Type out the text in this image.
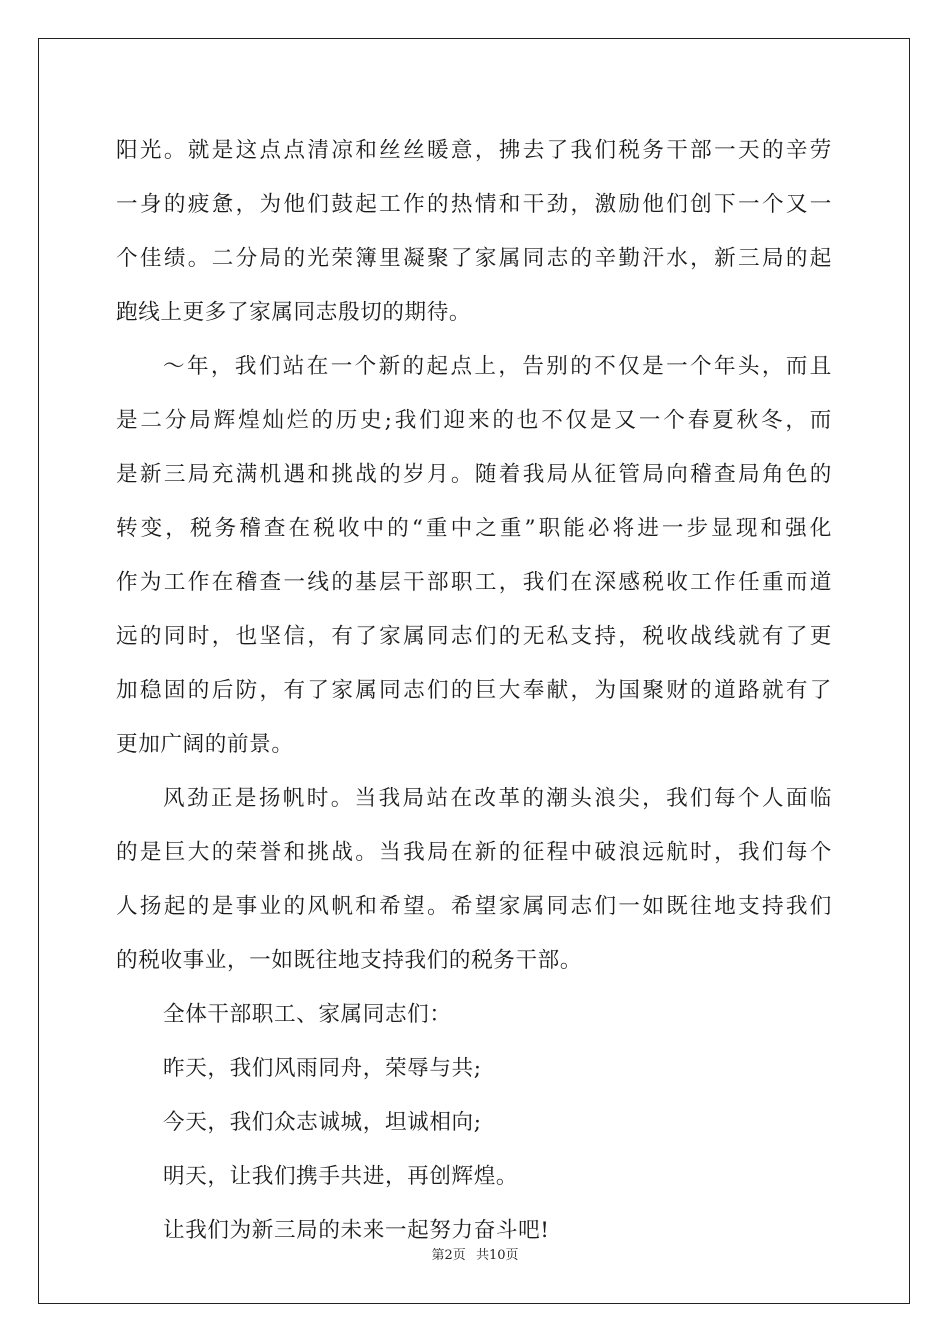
阳光。就是这点点清凉和丝丝暖意，拂去了我们税务干部一天的辛劳
一身的疲惫，为他们鼓起工作的热情和干劲，激励他们创下一个又一
个佳绩。二分局的光荣簿里凝聚了家属同志的辛勤汗水，新三局的起
跑线上更多了家属同志殷切的期待。
～年，我们站在一个新的起点上，告别的不仅是一个年头，而且
是二分局辉煌灿烂的历史;我们迎来的也不仅是又一个春夏秋冬，而
是新三局充满机遇和挑战的岁月。随着我局从征管局向稽查局角色的
转变，税务稽查在税收中的“重中之重”职能必将进一步显现和强化
作为工作在稽查一线的基层干部职工，我们在深感税收工作任重而道
远的同时，也坚信，有了家属同志们的无私支持，税收战线就有了更
加稳固的后防，有了家属同志们的巨大奉献，为国聚财的道路就有了
更加广阔的前景。
风劲正是扬帆时。当我局站在改革的潮头浪尖，我们每个人面临
的是巨大的荣誉和挑战。当我局在新的征程中破浪远航时，我们每个
人扬起的是事业的风帆和希望。希望家属同志们一如既往地支持我们
的税收事业，一如既往地支持我们的税务干部。
全体干部职工、家属同志们：
昨天，我们风雨同舟，荣辱与共;
今天，我们众志诚城，坦诚相向;
明天，让我们携手共进，再创辉煌。
让我们为新三局的未来一起努力奋斗吧!
第2页 共10页
